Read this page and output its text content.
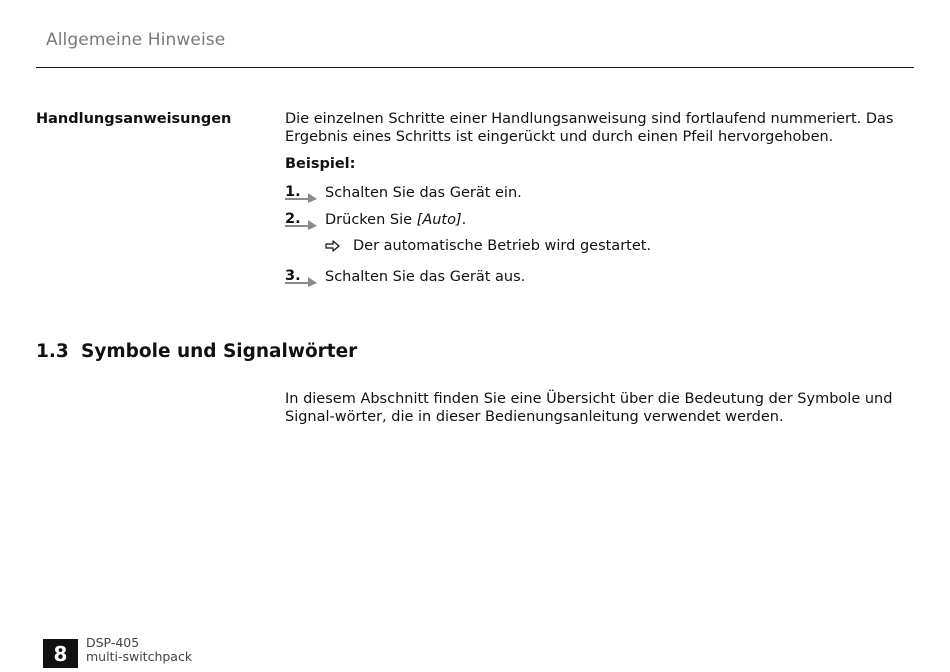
Allgemeine Hinweise
Handlungsanweisungen	Die einzelnen Schritte einer Handlungsanweisung sind fortlaufend nummeriert. Das Ergebnis eines Schritts ist eingerückt und durch einen Pfeil hervorgehoben.
Beispiel:
1. Schalten Sie das Gerät ein.
2. Drücken Sie [Auto].
Der automatische Betrieb wird gestartet.
3. Schalten Sie das Gerät aus.
1.3 Symbole und Signalwörter
In diesem Abschnitt finden Sie eine Übersicht über die Bedeutung der Symbole und Signal-wörter, die in dieser Bedienungsanleitung verwendet werden.
8	DSP-405
multi-switchpack
